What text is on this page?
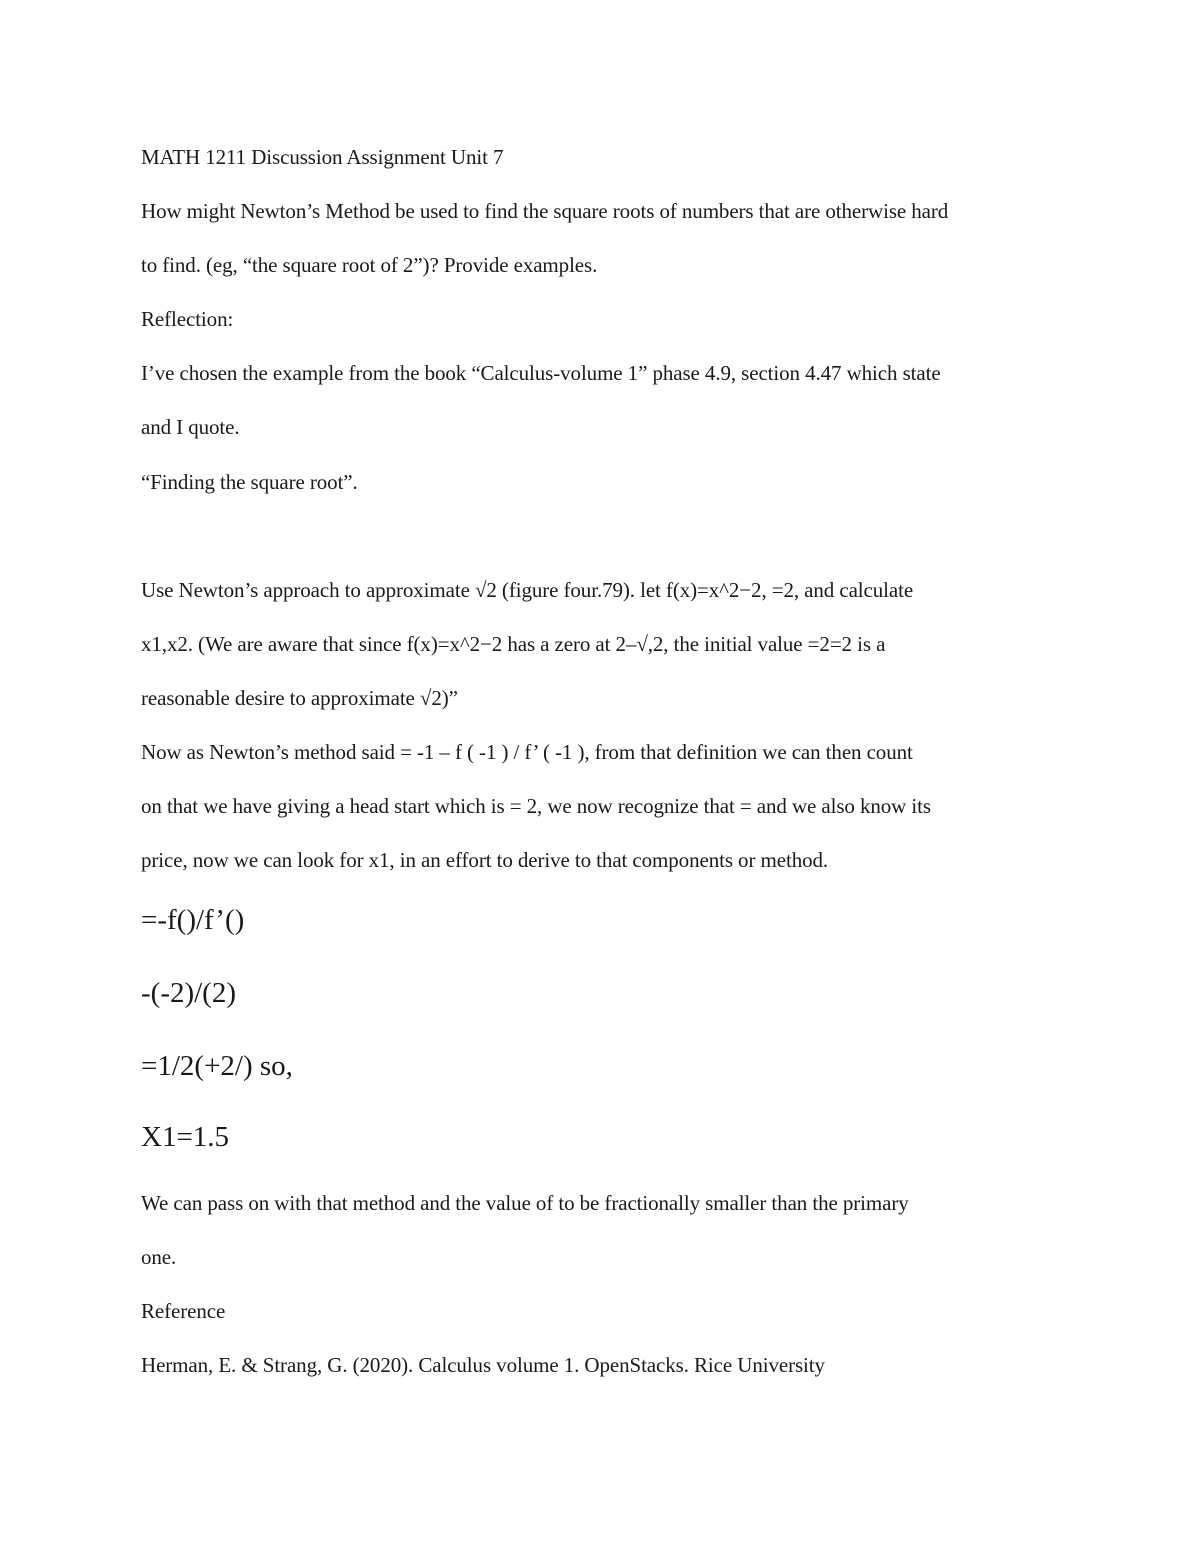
MATH 1211 Discussion Assignment Unit 7
How might Newton’s Method be used to find the square roots of numbers that are otherwise hard
to find. (eg, “the square root of 2”)? Provide examples.
Reflection:
I’ve chosen the example from the book “Calculus-volume 1” phase 4.9, section 4.47 which state
and I quote.
“Finding the square root”.
Use Newton’s approach to approximate √2 (figure four.79). let f(x)=x^2−2, =2, and calculate
x1,x2. (We are aware that since f(x)=x^2−2 has a zero at 2–√,2, the initial value =2=2 is a
reasonable desire to approximate √2)”
Now as Newton’s method said = -1 – f ( -1 ) / f’ ( -1 ), from that definition we can then count
on that we have giving a head start which is = 2, we now recognize that = and we also know its
price, now we can look for x1, in an effort to derive to that components or method.
=-f()/f’()
-(-2)/(2)
=1/2(+2/) so,
X1=1.5
We can pass on with that method and the value of to be fractionally smaller than the primary
one.
Reference
Herman, E. & Strang, G. (2020). Calculus volume 1. OpenStacks. Rice University
